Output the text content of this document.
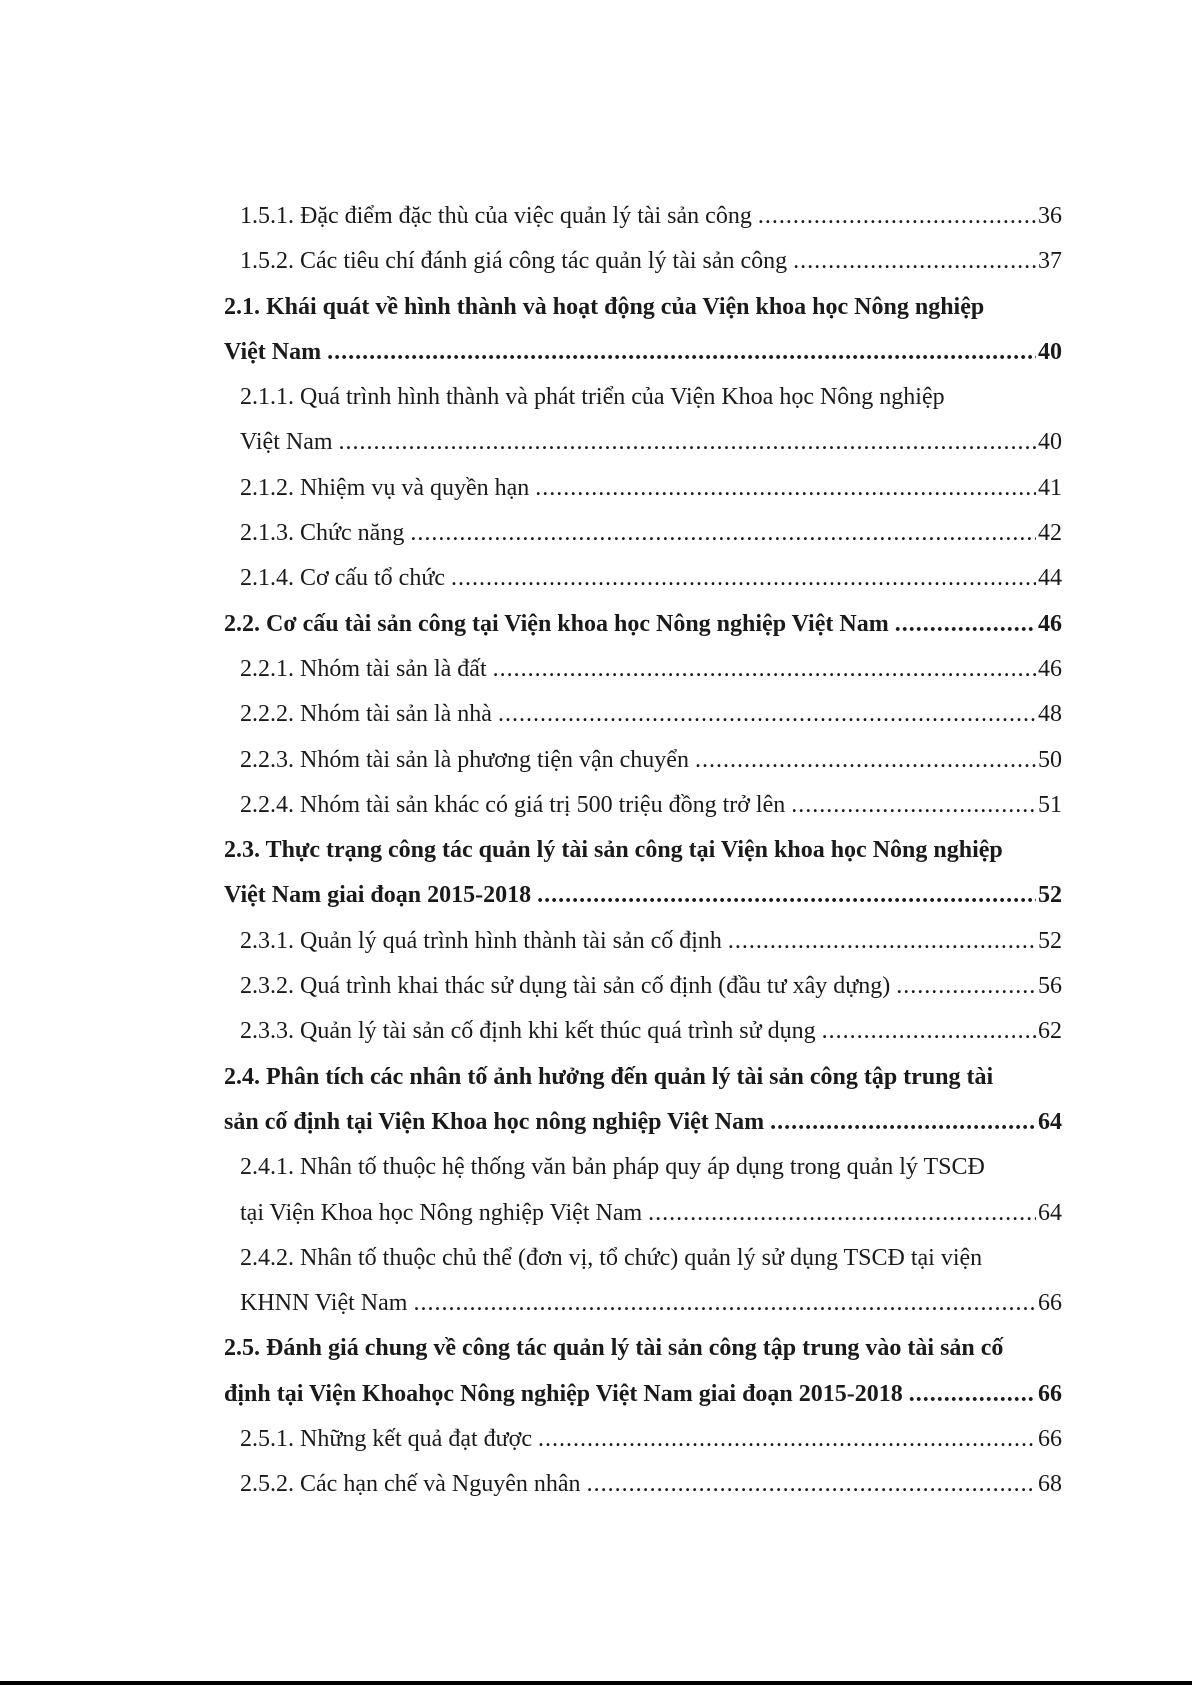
1.5.1. Đặc điểm đặc thù của việc quản lý tài sản công .....	36
1.5.2. Các tiêu chí đánh giá công tác quản lý tài sản công .....	37
2.1. Khái quát về hình thành và hoạt động của Viện khoa học Nông nghiệp
Việt Nam .....	40
2.1.1. Quá trình hình thành và phát triển của Viện Khoa học Nông nghiệp
Việt Nam .....	40
2.1.2. Nhiệm vụ và quyền hạn .....	41
2.1.3. Chức năng .....	42
2.1.4. Cơ cấu tổ chức .....	44
2.2. Cơ cấu tài sản công tại Viện khoa học Nông nghiệp Việt Nam .....	46
2.2.1. Nhóm tài sản là đất .....	46
2.2.2. Nhóm tài sản là nhà .....	48
2.2.3. Nhóm tài sản là phương tiện vận chuyển .....	50
2.2.4. Nhóm tài sản khác có giá trị 500 triệu đồng trở lên .....	51
2.3. Thực trạng công tác quản lý tài sản công tại Viện khoa học Nông nghiệp
Việt Nam giai đoạn 2015-2018 .....	52
2.3.1. Quản lý quá trình hình thành tài sản cố định .....	52
2.3.2. Quá trình khai thác sử dụng tài sản cố định (đầu tư xây dựng) .....	56
2.3.3. Quản lý tài sản cố định khi kết thúc quá trình sử dụng .....	62
2.4. Phân tích các nhân tố ảnh hưởng đến quản lý tài sản công tập trung tài
sản cố định tại Viện Khoa học nông nghiệp Việt Nam .....	64
2.4.1. Nhân tố thuộc hệ thống văn bản pháp quy áp dụng trong quản lý TSCĐ
tại Viện Khoa học Nông nghiệp Việt Nam .....	64
2.4.2. Nhân tố thuộc chủ thể (đơn vị, tổ chức) quản lý sử dụng TSCĐ tại viện
KHNN Việt Nam .....	66
2.5. Đánh giá chung về công tác quản lý tài sản công tập trung vào tài sản cố
định tại Viện Khoahọc Nông nghiệp Việt Nam giai đoạn 2015-2018 .....	66
2.5.1. Những kết quả đạt được .....	66
2.5.2. Các hạn chế và Nguyên nhân .....	68
